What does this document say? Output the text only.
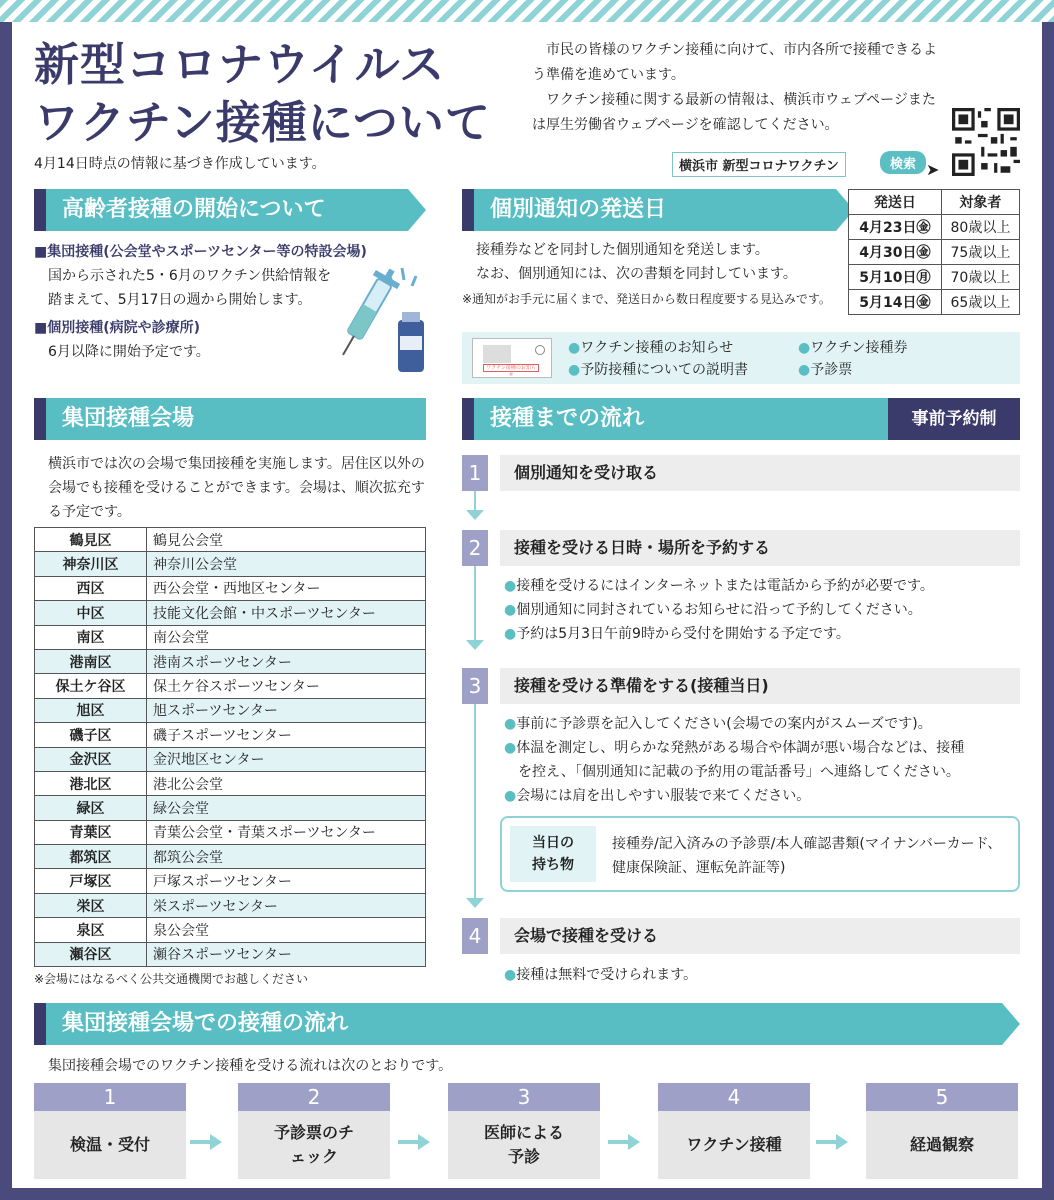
新型コロナウイルス
ワクチン接種について
4月14日時点の情報に基づき作成しています。

市民の皆様のワクチン接種に向けて、市内各所で接種できるよう準備を進めています。

ワクチン接種に関する最新の情報は、横浜市ウェブページまたは厚生労働省ウェブページを確認してください。

横浜市 新型コロナワクチン	検索 ➤
高齢者接種の開始について
■集団接種(公会堂やスポーツセンター等の特設会場)
国から示された5・6月のワクチン供給情報を踏まえて、5月17日の週から開始します。
■個別接種(病院や診療所)
6月以降に開始予定です。
個別通知の発送日
接種券などを同封した個別通知を発送します。
なお、個別通知には、次の書類を同封しています。
※通知がお手元に届くまで、発送日から数日程度要する見込みです。
発送日	対象者
4月23日㊎	80歳以上
4月30日㊎	75歳以上
5月10日㊊	70歳以上
5月14日㊎	65歳以上
ワクチン接種のお知らせ
●ワクチン接種のお知らせ	●ワクチン接種券
●予防接種についての説明書	●予診票
集団接種会場
横浜市では次の会場で集団接種を実施します。居住区以外の会場でも接種を受けることができます。会場は、順次拡充する予定です。
鶴見区	鶴見公会堂
神奈川区	神奈川公会堂
西区	西公会堂・西地区センター
中区	技能文化会館・中スポーツセンター
南区	南公会堂
港南区	港南スポーツセンター
保土ケ谷区	保土ケ谷スポーツセンター
旭区	旭スポーツセンター
磯子区	磯子スポーツセンター
金沢区	金沢地区センター
港北区	港北公会堂
緑区	緑公会堂
青葉区	青葉公会堂・青葉スポーツセンター
都筑区	都筑公会堂
戸塚区	戸塚スポーツセンター
栄区	栄スポーツセンター
泉区	泉公会堂
瀬谷区	瀬谷スポーツセンター
※会場にはなるべく公共交通機関でお越しください
接種までの流れ	事前予約制
1	個別通知を受け取る
2	接種を受ける日時・場所を予約する
●接種を受けるにはインターネットまたは電話から予約が必要です。
●個別通知に同封されているお知らせに沿って予約してください。
●予約は5月3日午前9時から受付を開始する予定です。
3	接種を受ける準備をする(接種当日)
●事前に予診票を記入してください(会場での案内がスムーズです)。
●体温を測定し、明らかな発熱がある場合や体調が悪い場合などは、接種
を控え、「個別通知に記載の予約用の電話番号」へ連絡してください。
●会場には肩を出しやすい服装で来てください。
当日の
持ち物
接種券/記入済みの予診票/本人確認書類(マイナンバーカード、健康保険証、運転免許証等)
4	会場で接種を受ける
●接種は無料で受けられます。
集団接種会場での接種の流れ
集団接種会場でのワクチン接種を受ける流れは次のとおりです。
1
検温・受付
2
予診票のチェック
3
医師による予診
4
ワクチン接種
5
経過観察
